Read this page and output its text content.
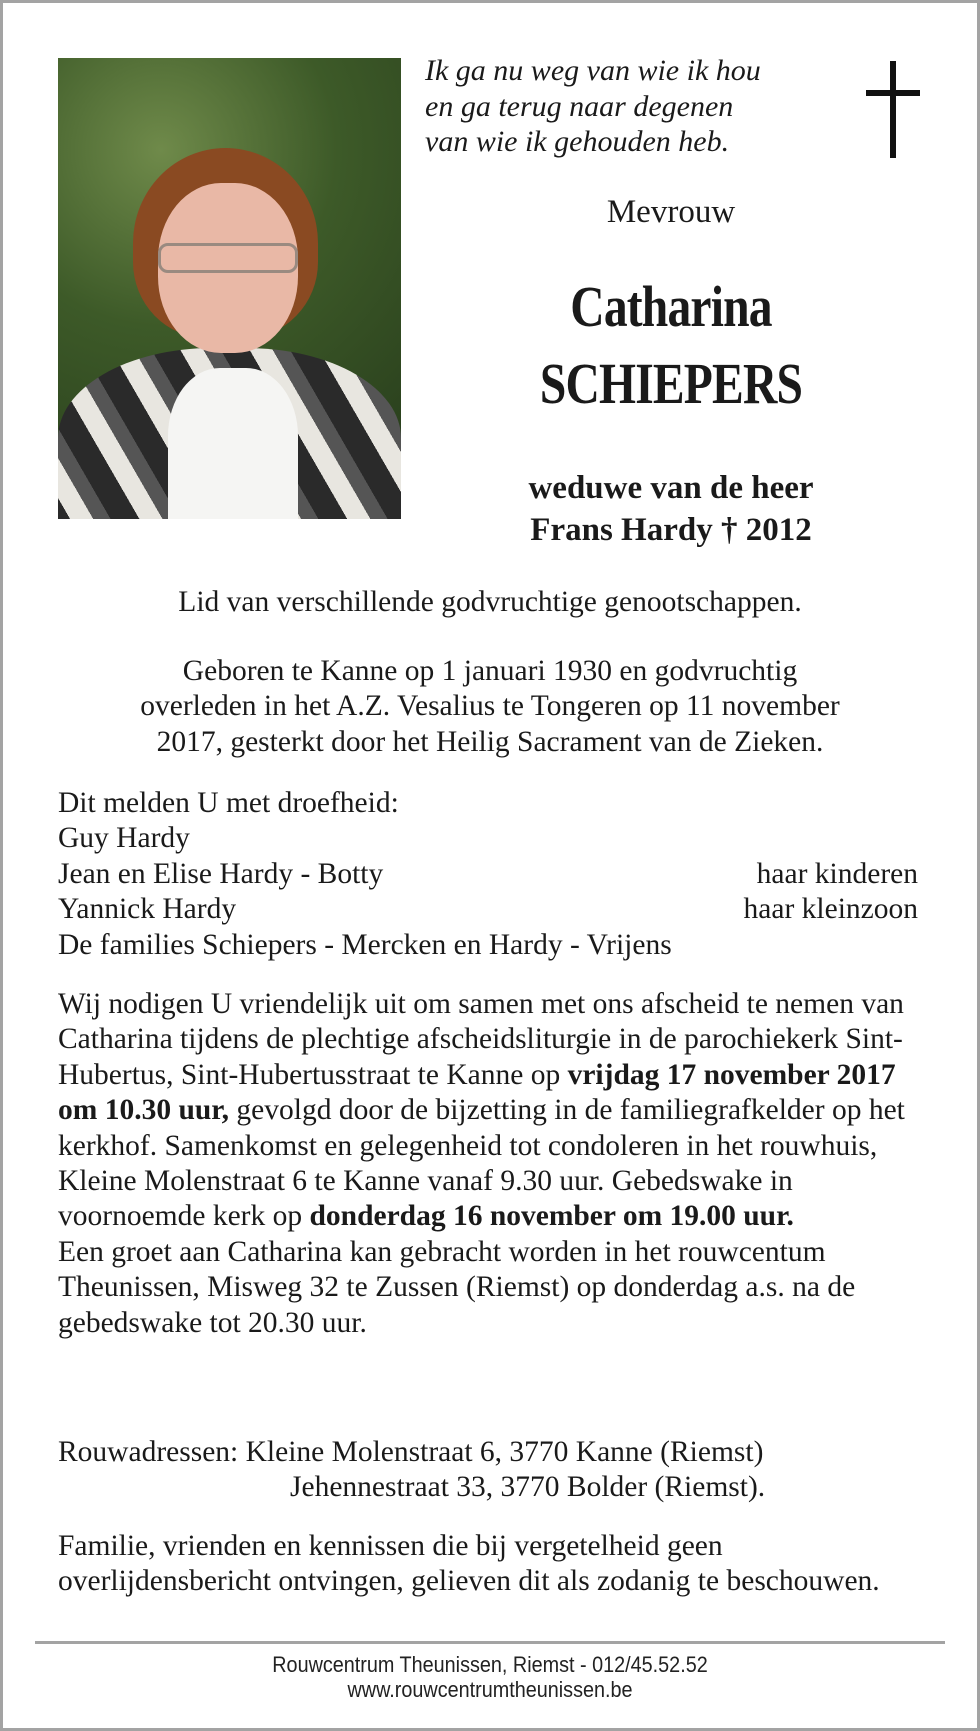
Ik ga nu weg van wie ik hou
en ga terug naar degenen
van wie ik gehouden heb.
Mevrouw
Catharina
SCHIEPERS
weduwe van de heer
Frans Hardy † 2012
Lid van verschillende godvruchtige genootschappen.
Geboren te Kanne op 1 januari 1930 en godvruchtig
overleden in het A.Z. Vesalius te Tongeren op 11 november
2017, gesterkt door het Heilig Sacrament van de Zieken.
Dit melden U met droefheid:
Guy Hardy
Jean en Elise Hardy - Botty	haar kinderen
Yannick Hardy	haar kleinzoon
De families Schiepers - Mercken en Hardy - Vrijens
Wij nodigen U vriendelijk uit om samen met ons afscheid te nemen van Catharina tijdens de plechtige afscheidsliturgie in de parochiekerk Sint-Hubertus, Sint-Hubertusstraat te Kanne op vrijdag 17 november 2017 om 10.30 uur, gevolgd door de bijzetting in de familiegrafkelder op het kerkhof. Samenkomst en gelegenheid tot condoleren in het rouwhuis, Kleine Molenstraat 6 te Kanne vanaf 9.30 uur. Gebedswake in voornoemde kerk op donderdag 16 november om 19.00 uur.
Een groet aan Catharina kan gebracht worden in het rouwcentum Theunissen, Misweg 32 te Zussen (Riemst) op donderdag a.s. na de gebedswake tot 20.30 uur.
Rouwadressen: Kleine Molenstraat 6, 3770 Kanne (Riemst)
Jehennestraat 33, 3770 Bolder (Riemst).
Familie, vrienden en kennissen die bij vergetelheid geen overlijdensbericht ontvingen, gelieven dit als zodanig te beschouwen.
Rouwcentrum Theunissen, Riemst - 012/45.52.52
www.rouwcentrumtheunissen.be
